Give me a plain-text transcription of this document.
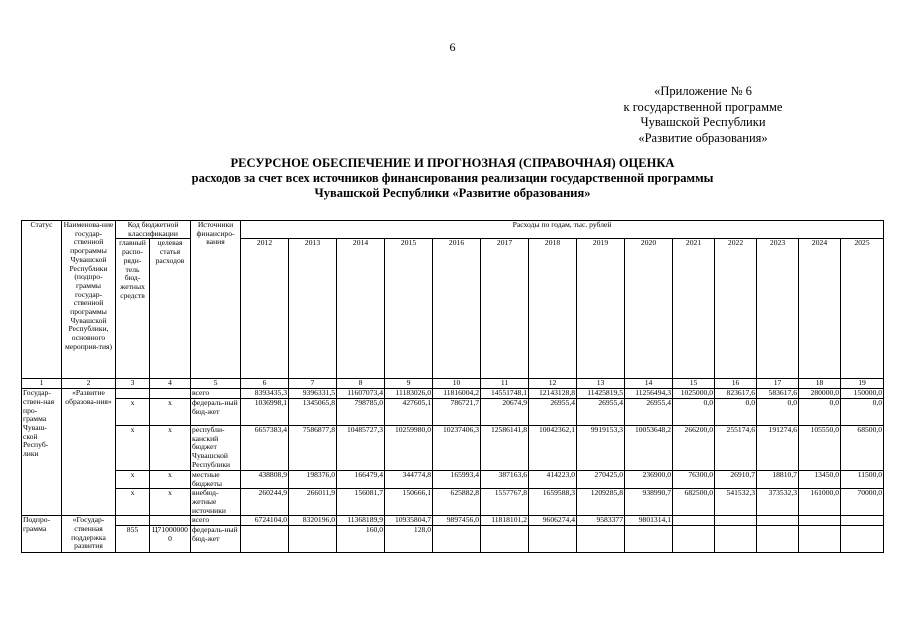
6
«Приложение № 6
к государственной программе
Чувашской Республики
«Развитие образования»
РЕСУРСНОЕ ОБЕСПЕЧЕНИЕ И ПРОГНОЗНАЯ (СПРАВОЧНАЯ) ОЦЕНКА
расходов за счет всех источников финансирования реализации государственной программы
Чувашской Республики «Развитие образования»
Статус	Наименова-ние государ-ственной программы Чувашской Республики (подпро-граммы государ-ственной программы Чувашской Республики, основного мероприя-тия)	Код бюджетной классификации		Источники финансиро-вания	Расходы по годам, тыс. рублей													
		главный распо-ряди-тель бюд-жетных средств	целевая статья расходов		2012	2013	2014	2015	2016	2017	2018	2019	2020	2021	2022	2023	2024	2025
1	2	3	4	5	6	7	8	9	10	11	12	13	14	15	16	17	18	19
Государ-ствен-ная про-грамма Чуваш-ской Респуб-лики	«Развитие образова-ния»			всего	8393435,3	9396331,5	11607073,4	11183026,0	11816004,2	14551748,1	12143128,8	11425819,5	11256494,3	1025000,0	823617,6	583617,6	280000,0	150000,0
		x	x	федераль-ный бюд-жет	1036998,1	1345065,8	798785,0	427605,1	786721,7	20674,9	26955,4	26955,4	26955,4	0,0	0,0	0,0	0,0	0,0
		x	x	республи-канский бюджет Чувашской Республики	6657383,4	7586877,8	10485727,3	10259980,0	10237406,3	12586141,8	10042362,1	9919153,3	10053648,2	266200,0	255174,6	191274,6	105550,0	68500,0
		x	x	местные бюджеты	438808,9	198376,0	166479,4	344774,8	165993,4	387163,6	414223,0	270425,0	236900,0	76300,0	26910,7	18810,7	13450,0	11500,0
		x	x	внебюд-жетные источники	260244,9	266011,9	156081,7	150666,1	625882,8	1557767,8	1659588,3	1209285,8	938990,7	682500,0	541532,3	373532,3	161000,0	70000,0
Подпро-грамма	«Государ-ственная поддержка развития			всего	6724104,0	8320196,0	11368189,9	10935804,7	9897456,0	11818101,2	9606274,4	9583377	9801314,1					
		855	Ц710000000	федераль-ный бюд-жет			160,0	128,0										
